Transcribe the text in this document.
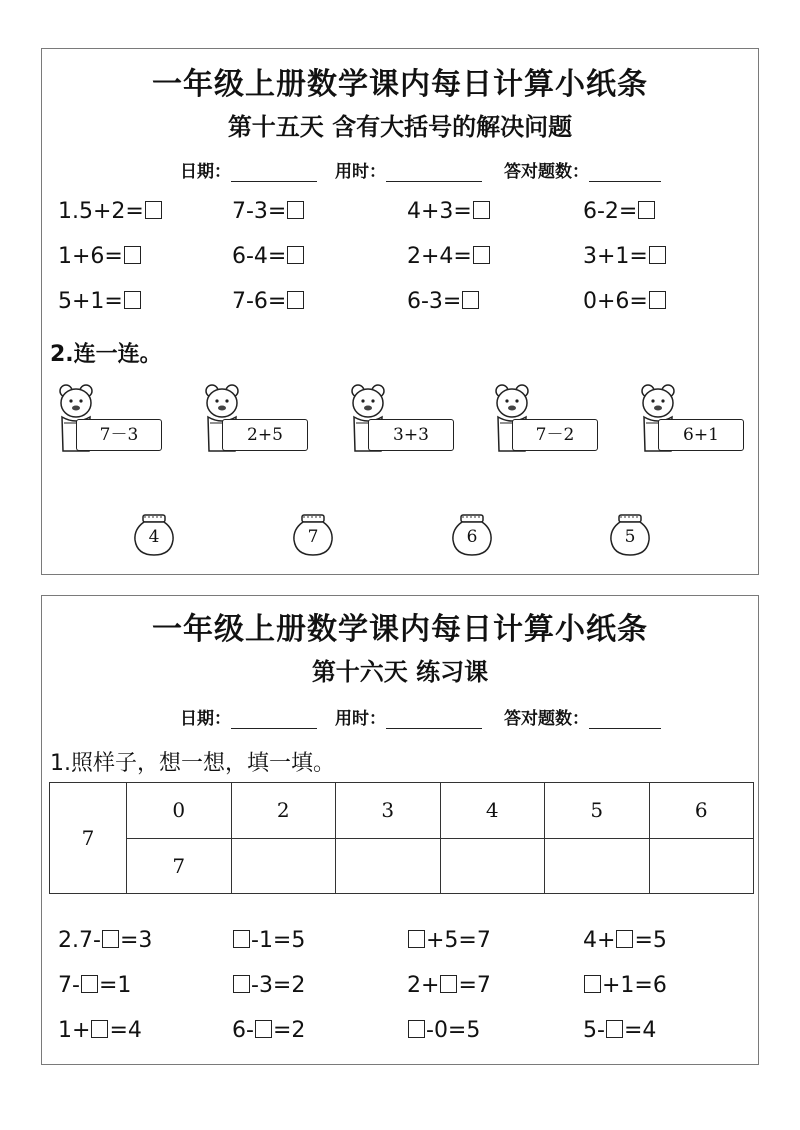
一年级上册数学课内每日计算小纸条
第十五天 含有大括号的解决问题
日期：	用时：	答对题数：
1.5+2=	7-3=	4+3=	6-2=
1+6=	6-4=	2+4=	3+1=
5+1=	7-6=	6-3=	0+6=
2.连一连。
7－3	2+5	3+3	7－2	6+1
4	7	6	5
一年级上册数学课内每日计算小纸条
第十六天 练习课
日期：	用时：	答对题数：
1.照样子，想一想，填一填。
7	0	2	3	4	5	6
	7					
2.7- =3	-1=5	+5=7	4+ =5
7- =1	-3=2	2+ =7	+1=6
1+ =4	6- =2	-0=5	5- =4
